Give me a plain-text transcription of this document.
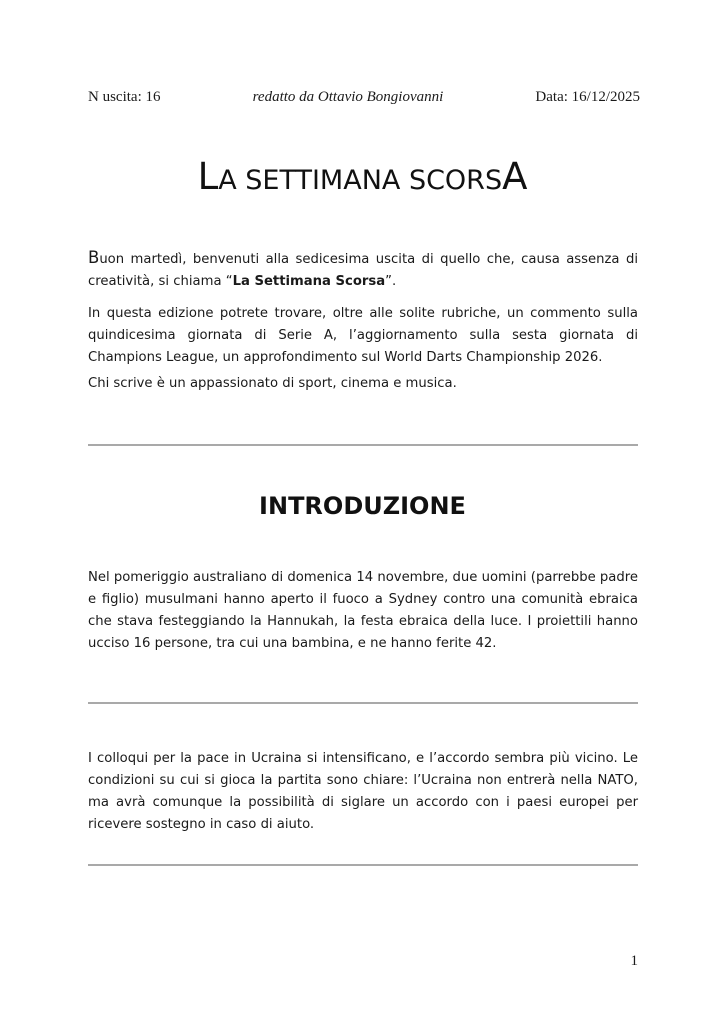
N uscita: 16	redatto da Ottavio Bongiovanni	Data: 16/12/2025
LA SETTIMANA SCORSA

Buon martedì, benvenuti alla sedicesima uscita di quello che, causa assenza di creatività, si chiama “La Settimana Scorsa”.

In questa edizione potrete trovare, oltre alle solite rubriche, un commento sulla quindicesima giornata di Serie A, l’aggiornamento sulla sesta giornata di Champions League, un approfondimento sul World Darts Championship 2026.

Chi scrive è un appassionato di sport, cinema e musica.

INTRODUZIONE

Nel pomeriggio australiano di domenica 14 novembre, due uomini (parrebbe padre e figlio) musulmani hanno aperto il fuoco a Sydney contro una comunità ebraica che stava festeggiando la Hannukah, la festa ebraica della luce. I proiettili hanno ucciso 16 persone, tra cui una bambina, e ne hanno ferite 42.

I colloqui per la pace in Ucraina si intensificano, e l’accordo sembra più vicino. Le condizioni su cui si gioca la partita sono chiare: l’Ucraina non entrerà nella NATO, ma avrà comunque la possibilità di siglare un accordo con i paesi europei per ricevere sostegno in caso di aiuto.

1
